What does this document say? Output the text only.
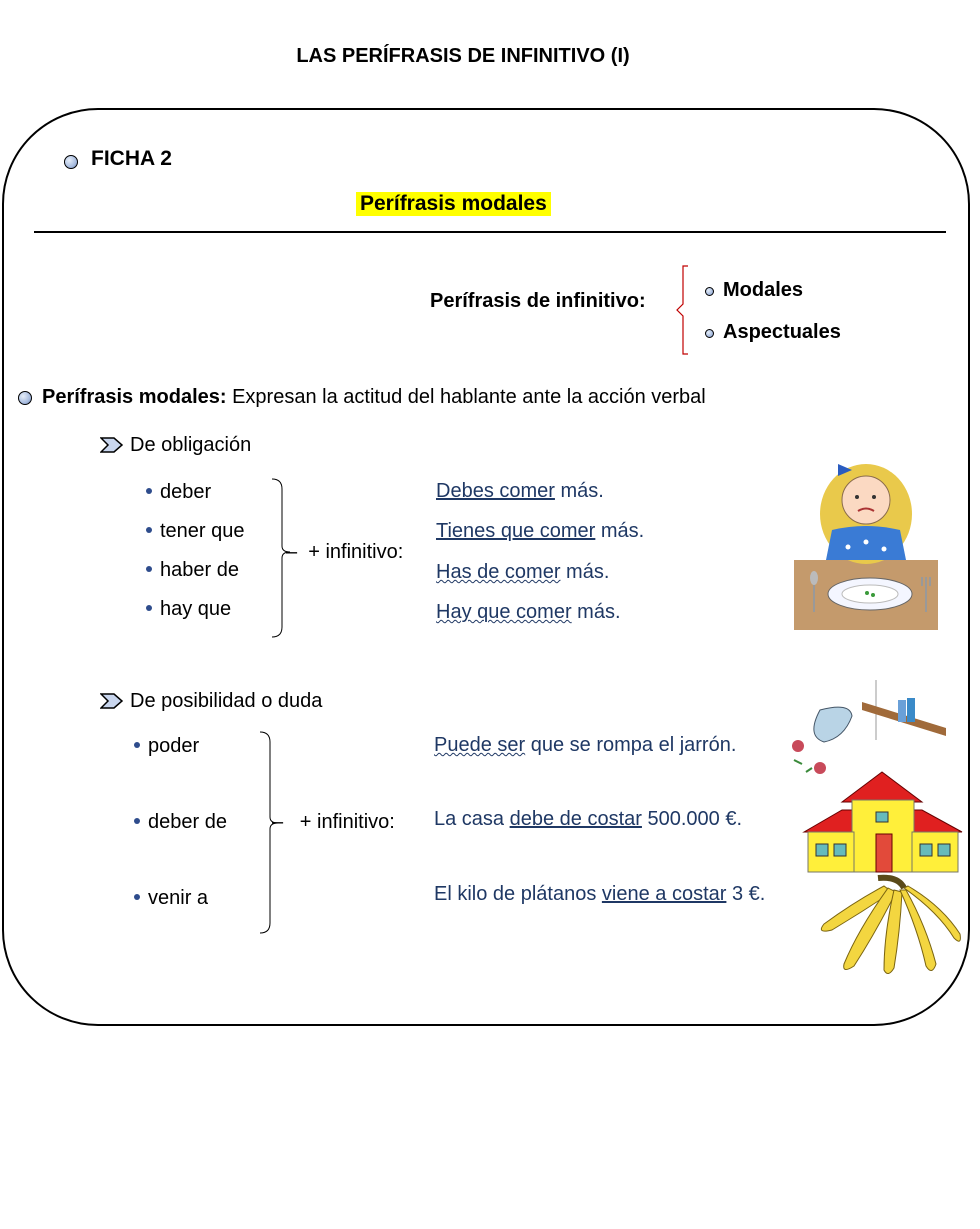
LAS PERÍFRASIS DE INFINITIVO (I)
FICHA 2
Perífrasis modales
Perífrasis de infinitivo:	Modales
Aspectuales
Perífrasis modales: Expresan la actitud del hablante ante la acción verbal
De obligación
deber
tener que
haber de
hay que
–  + infinitivo:
Debes comer más.
Tienes que comer más.
Has de comer más.
Hay que comer más.
De posibilidad o duda
poder
deber de
venir a
–   + infinitivo:
Puede ser que se rompa el jarrón.
La casa debe de costar 500.000 €.
El kilo de plátanos viene a costar 3 €.
